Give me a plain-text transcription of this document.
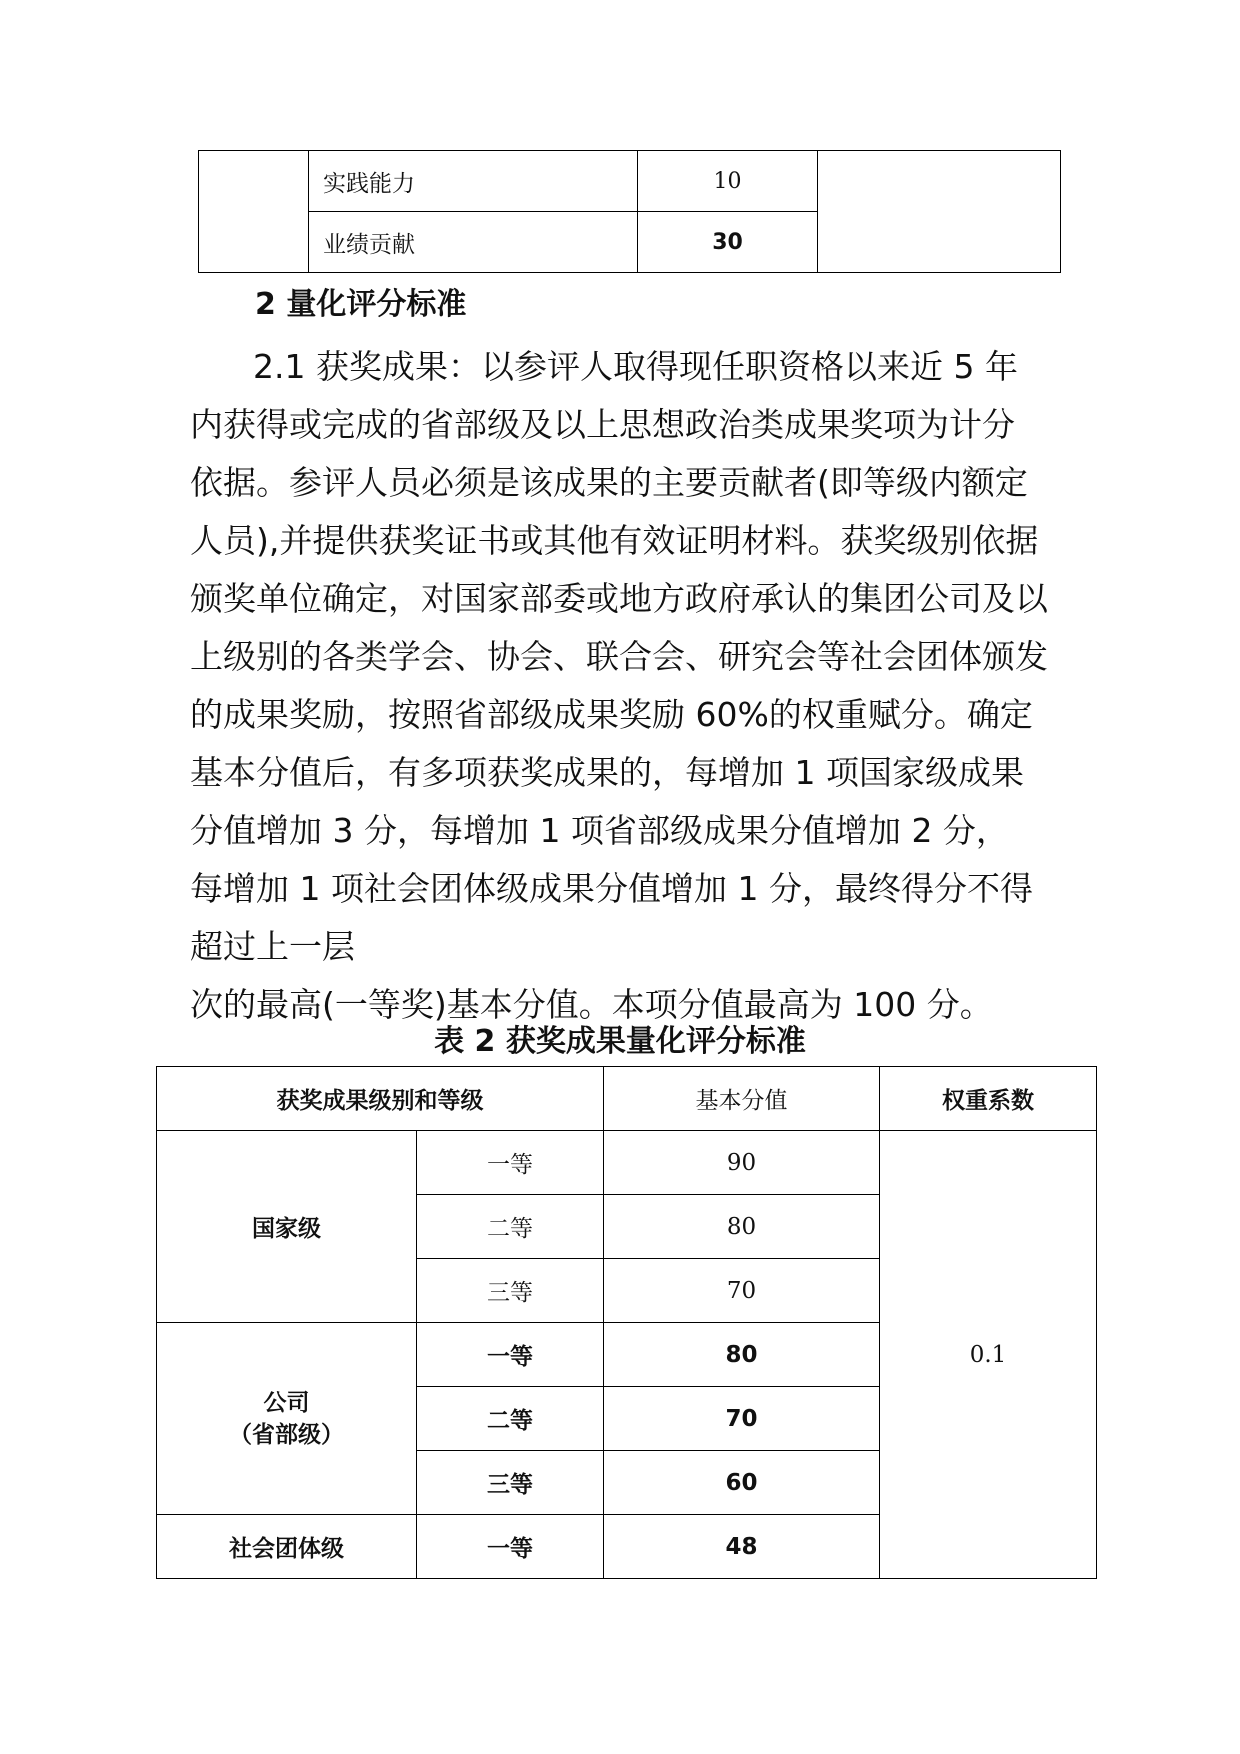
	实践能力	10	
	业绩贡献	30	
2 量化评分标准

2.1 获奖成果：以参评人取得现任职资格以来近 5 年
内获得或完成的省部级及以上思想政治类成果奖项为计分
依据。参评人员必须是该成果的主要贡献者(即等级内额定
人员),并提供获奖证书或其他有效证明材料。获奖级别依据
颁奖单位确定，对国家部委或地方政府承认的集团公司及以
上级别的各类学会、协会、联合会、研究会等社会团体颁发
的成果奖励，按照省部级成果奖励 60%的权重赋分。确定
基本分值后，有多项获奖成果的，每增加 1 项国家级成果
分值增加 3 分，每增加 1 项省部级成果分值增加 2 分，
每增加 1 项社会团体级成果分值增加 1 分，最终得分不得
超过上一层
次的最高(一等奖)基本分值。本项分值最高为 100 分。

表 2 获奖成果量化评分标准
获奖成果级别和等级		基本分值	权重系数
国家级	一等	90	0.1
	二等	80	
	三等	70	
公司
（省部级）	一等	80	
	二等	70	
	三等	60	
社会团体级	一等	48	
